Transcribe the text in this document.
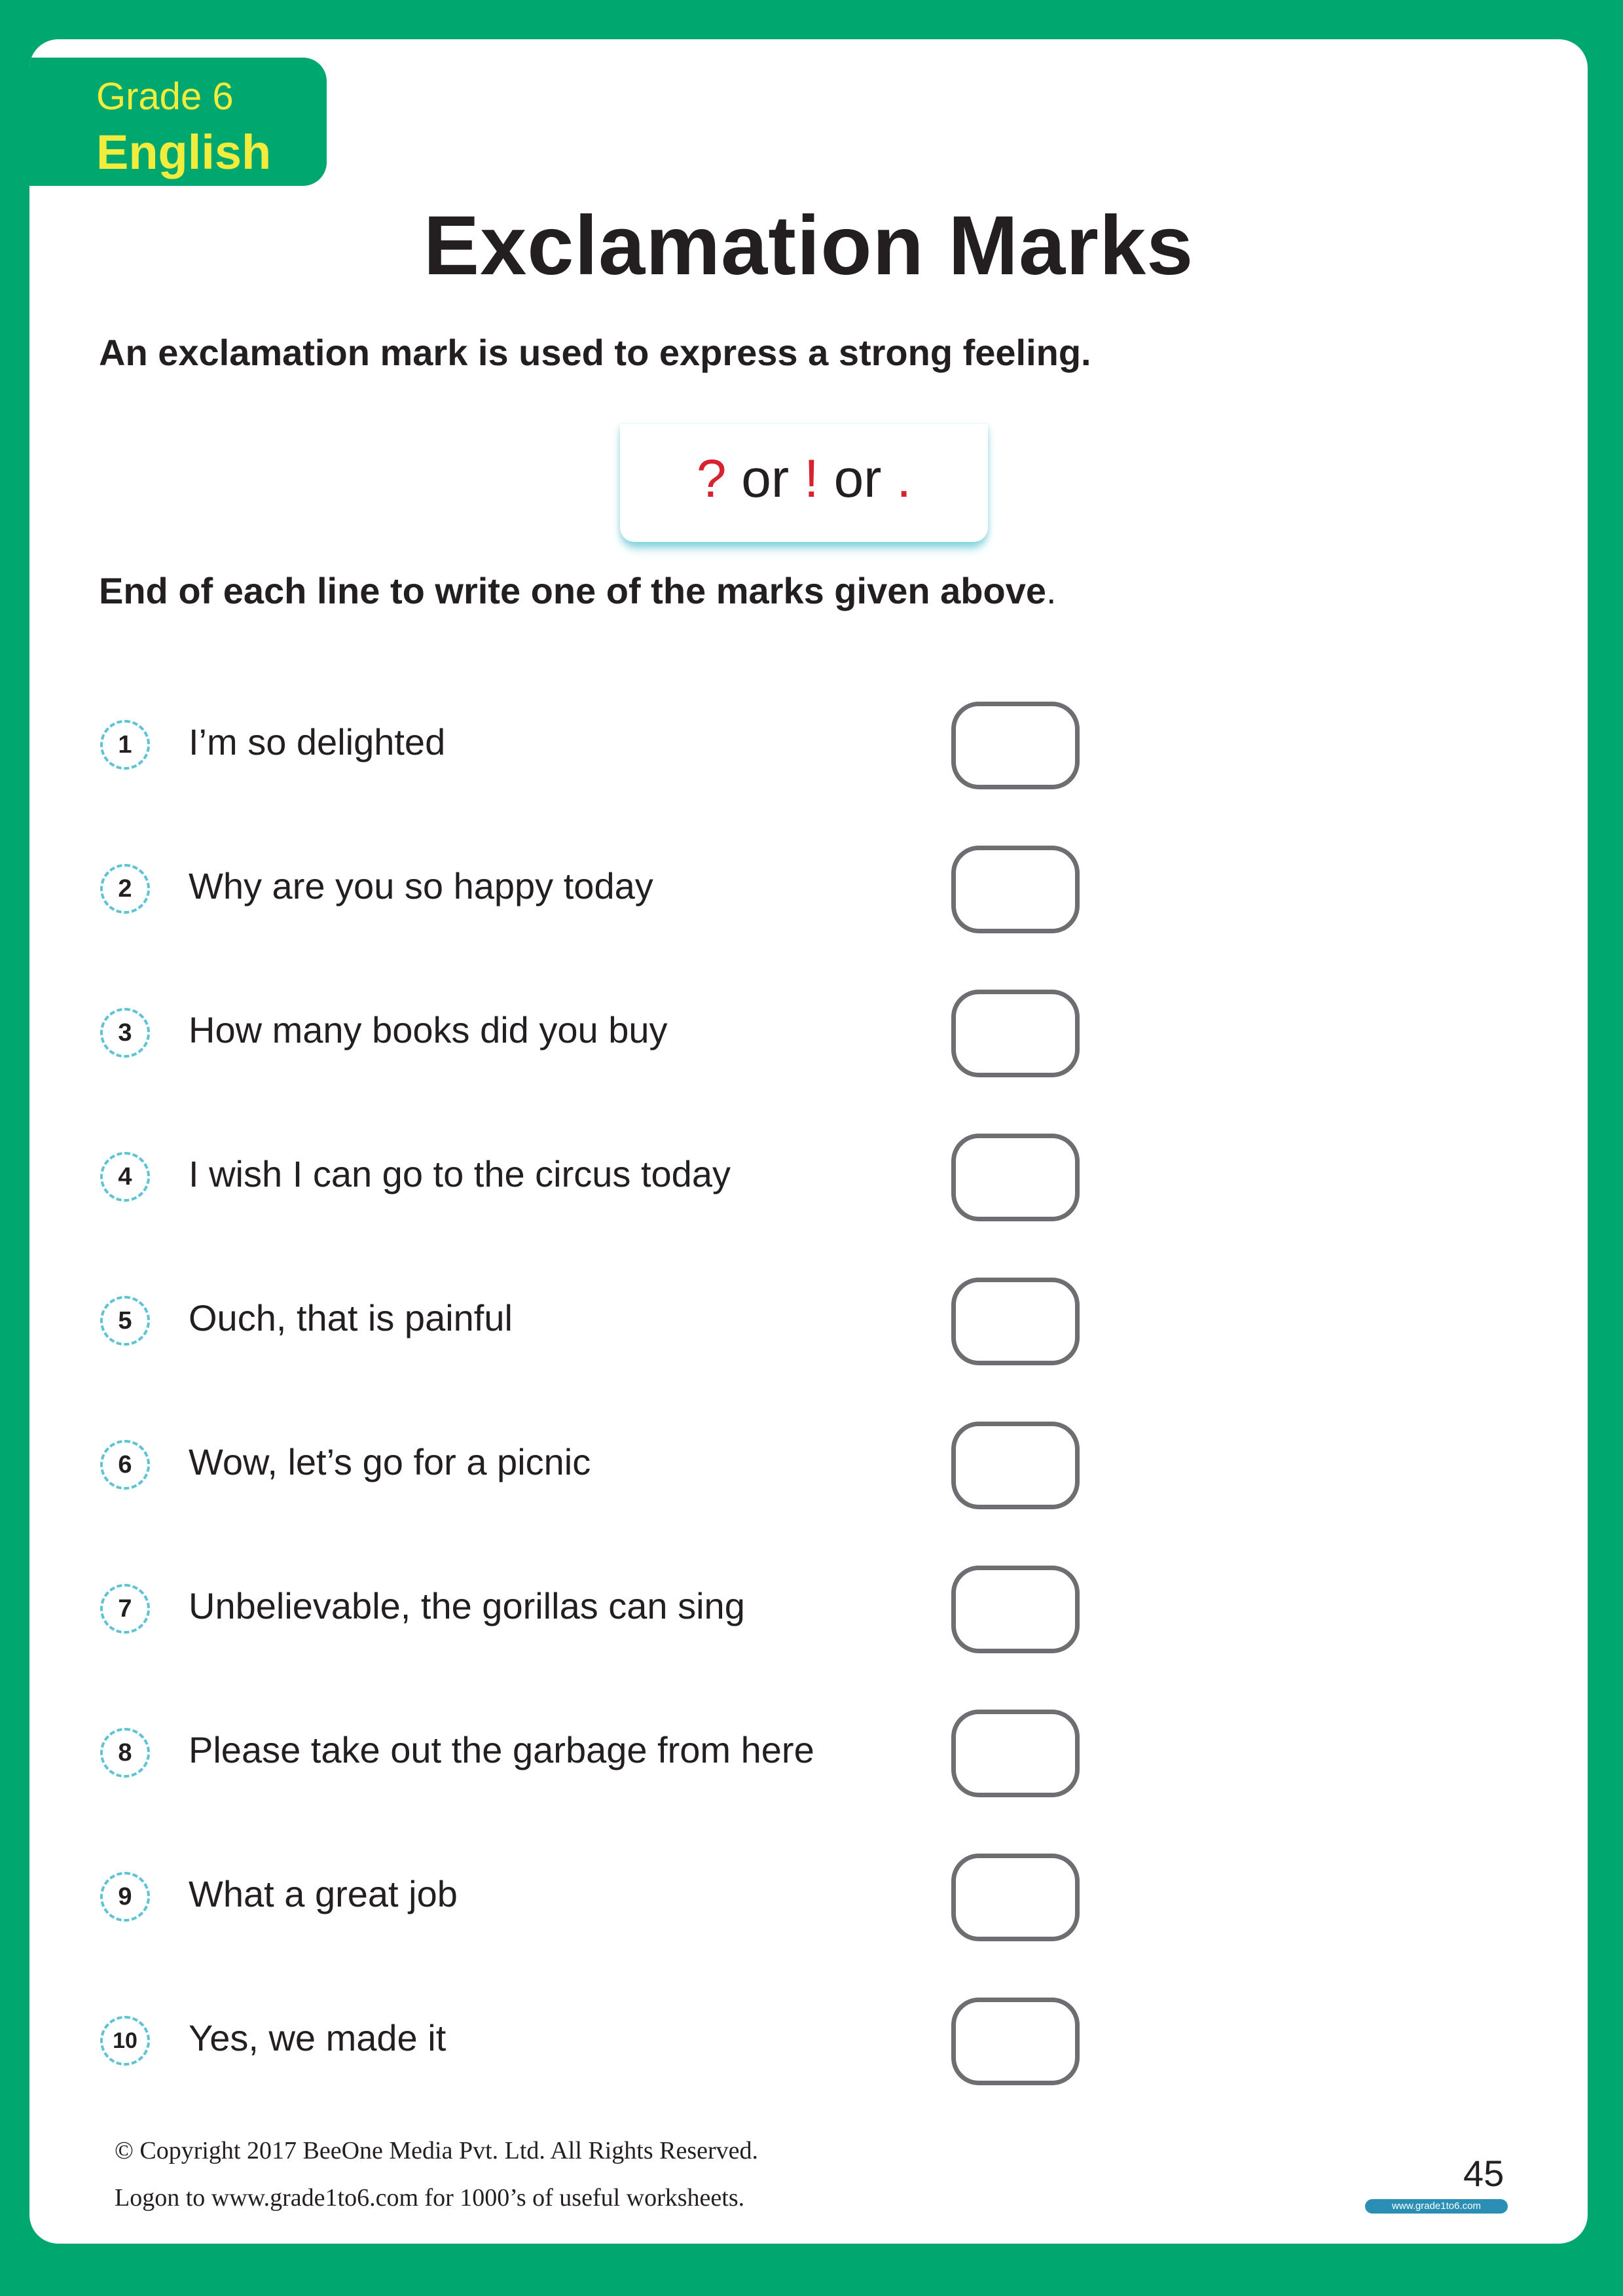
Grade 6
English
Exclamation Marks
An exclamation mark is used to express a strong feeling.
? or ! or .
End of each line to write one of the marks given above.
1	I’m so delighted
2	Why are you so happy today
3	How many books did you buy
4	I wish I can go to the circus today
5	Ouch, that is painful
6	Wow, let’s go for a picnic
7	Unbelievable, the gorillas can sing
8	Please take out the garbage from here
9	What a great job
10	Yes, we made it
© Copyright 2017 BeeOne Media Pvt. Ltd. All Rights Reserved.
Logon to www.grade1to6.com for 1000’s of useful worksheets.
45
www.grade1to6.com
